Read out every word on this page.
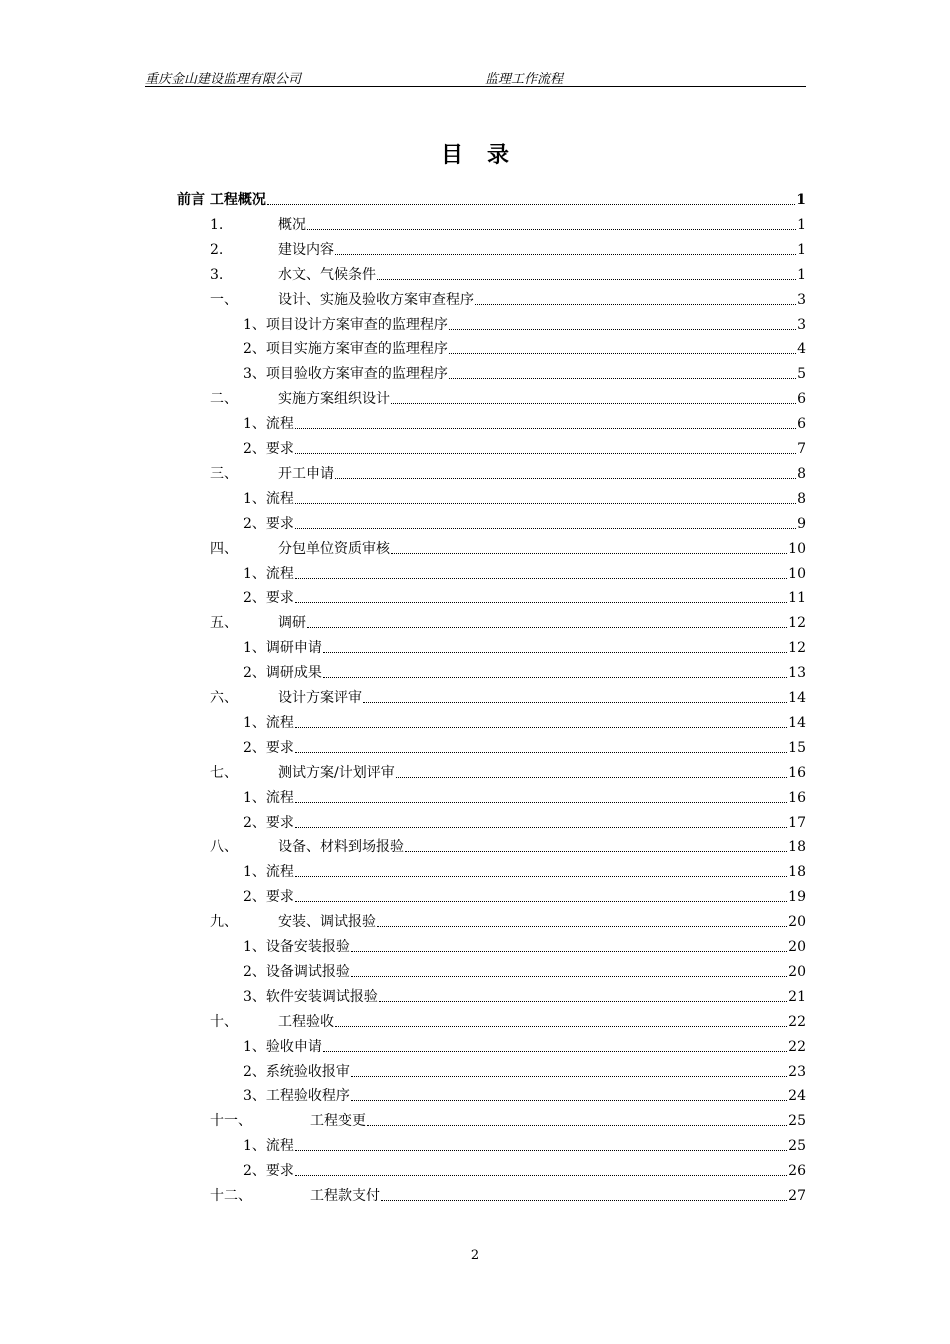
重庆金山建设监理有限公司	监理工作流程
目录
前言 工程概况	1
1.	概况	1
2.	建设内容	1
3.	水文、气候条件	1
一、	设计、实施及验收方案审查程序	3
1、项目设计方案审查的监理程序	3
2、项目实施方案审查的监理程序	4
3、项目验收方案审查的监理程序	5
二、	实施方案组织设计	6
1、流程	6
2、要求	7
三、	开工申请	8
1、流程	8
2、要求	9
四、	分包单位资质审核	10
1、流程	10
2、要求	11
五、	调研	12
1、调研申请	12
2、调研成果	13
六、	设计方案评审	14
1、流程	14
2、要求	15
七、	测试方案/计划评审	16
1、流程	16
2、要求	17
八、	设备、材料到场报验	18
1、流程	18
2、要求	19
九、	安装、调试报验	20
1、设备安装报验	20
2、设备调试报验	20
3、软件安装调试报验	21
十、	工程验收	22
1、验收申请	22
2、系统验收报审	23
3、工程验收程序	24
十一、	工程变更	25
1、流程	25
2、要求	26
十二、	工程款支付	27
2
